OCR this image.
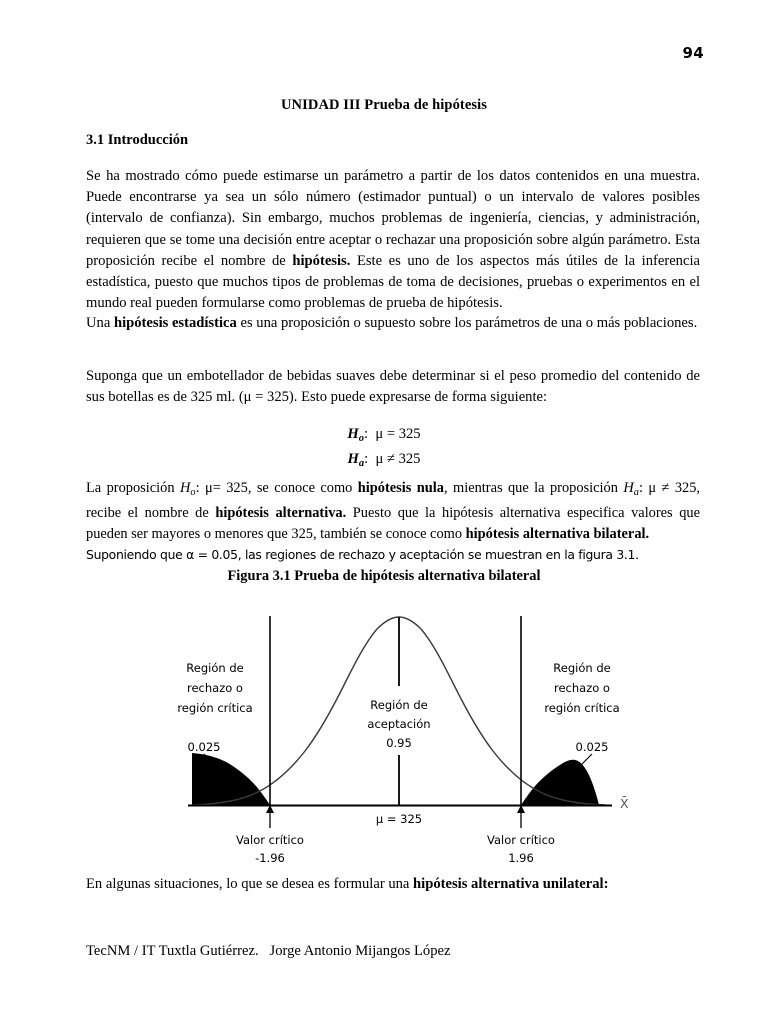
94
UNIDAD III Prueba de hipótesis
3.1 Introducción
Se ha mostrado cómo puede estimarse un parámetro a partir de los datos contenidos en una muestra. Puede encontrarse ya sea un sólo número (estimador puntual) o un intervalo de valores posibles (intervalo de confianza). Sin embargo, muchos problemas de ingeniería, ciencias, y administración, requieren que se tome una decisión entre aceptar o rechazar una proposición sobre algún parámetro. Esta proposición recibe el nombre de hipótesis. Este es uno de los aspectos más útiles de la inferencia estadística, puesto que muchos tipos de problemas de toma de decisiones, pruebas o experimentos en el mundo real pueden formularse como problemas de prueba de hipótesis.
Una hipótesis estadística es una proposición o supuesto sobre los parámetros de una o más poblaciones.
Suponga que un embotellador de bebidas suaves debe determinar si el peso promedio del contenido de sus botellas es de 325 ml. (μ = 325). Esto puede expresarse de forma siguiente:
$H_o$:  μ = 325
$H_a$:  μ ≠ 325
La proposición $H_o$: μ= 325, se conoce como hipótesis nula, mientras que la proposición $H_a$: μ ≠ 325, recibe el nombre de hipótesis alternativa. Puesto que la hipótesis alternativa especifica valores que pueden ser mayores o menores que 325, también se conoce como hipótesis alternativa bilateral.
Suponiendo que α = 0.05, las regiones de rechazo y aceptación se muestran en la figura 3.1.
Figura 3.1 Prueba de hipótesis alternativa bilateral
Región de
rechazo o
región crítica
Región de
rechazo o
región crítica
Región de
aceptación
0.95
0.025	0.025
X̄
μ = 325
Valor crítico
-1.96
Valor crítico
1.96
En algunas situaciones, lo que se desea es formular una hipótesis alternativa unilateral:
TecNM / IT Tuxtla Gutiérrez.   Jorge Antonio Mijangos López
